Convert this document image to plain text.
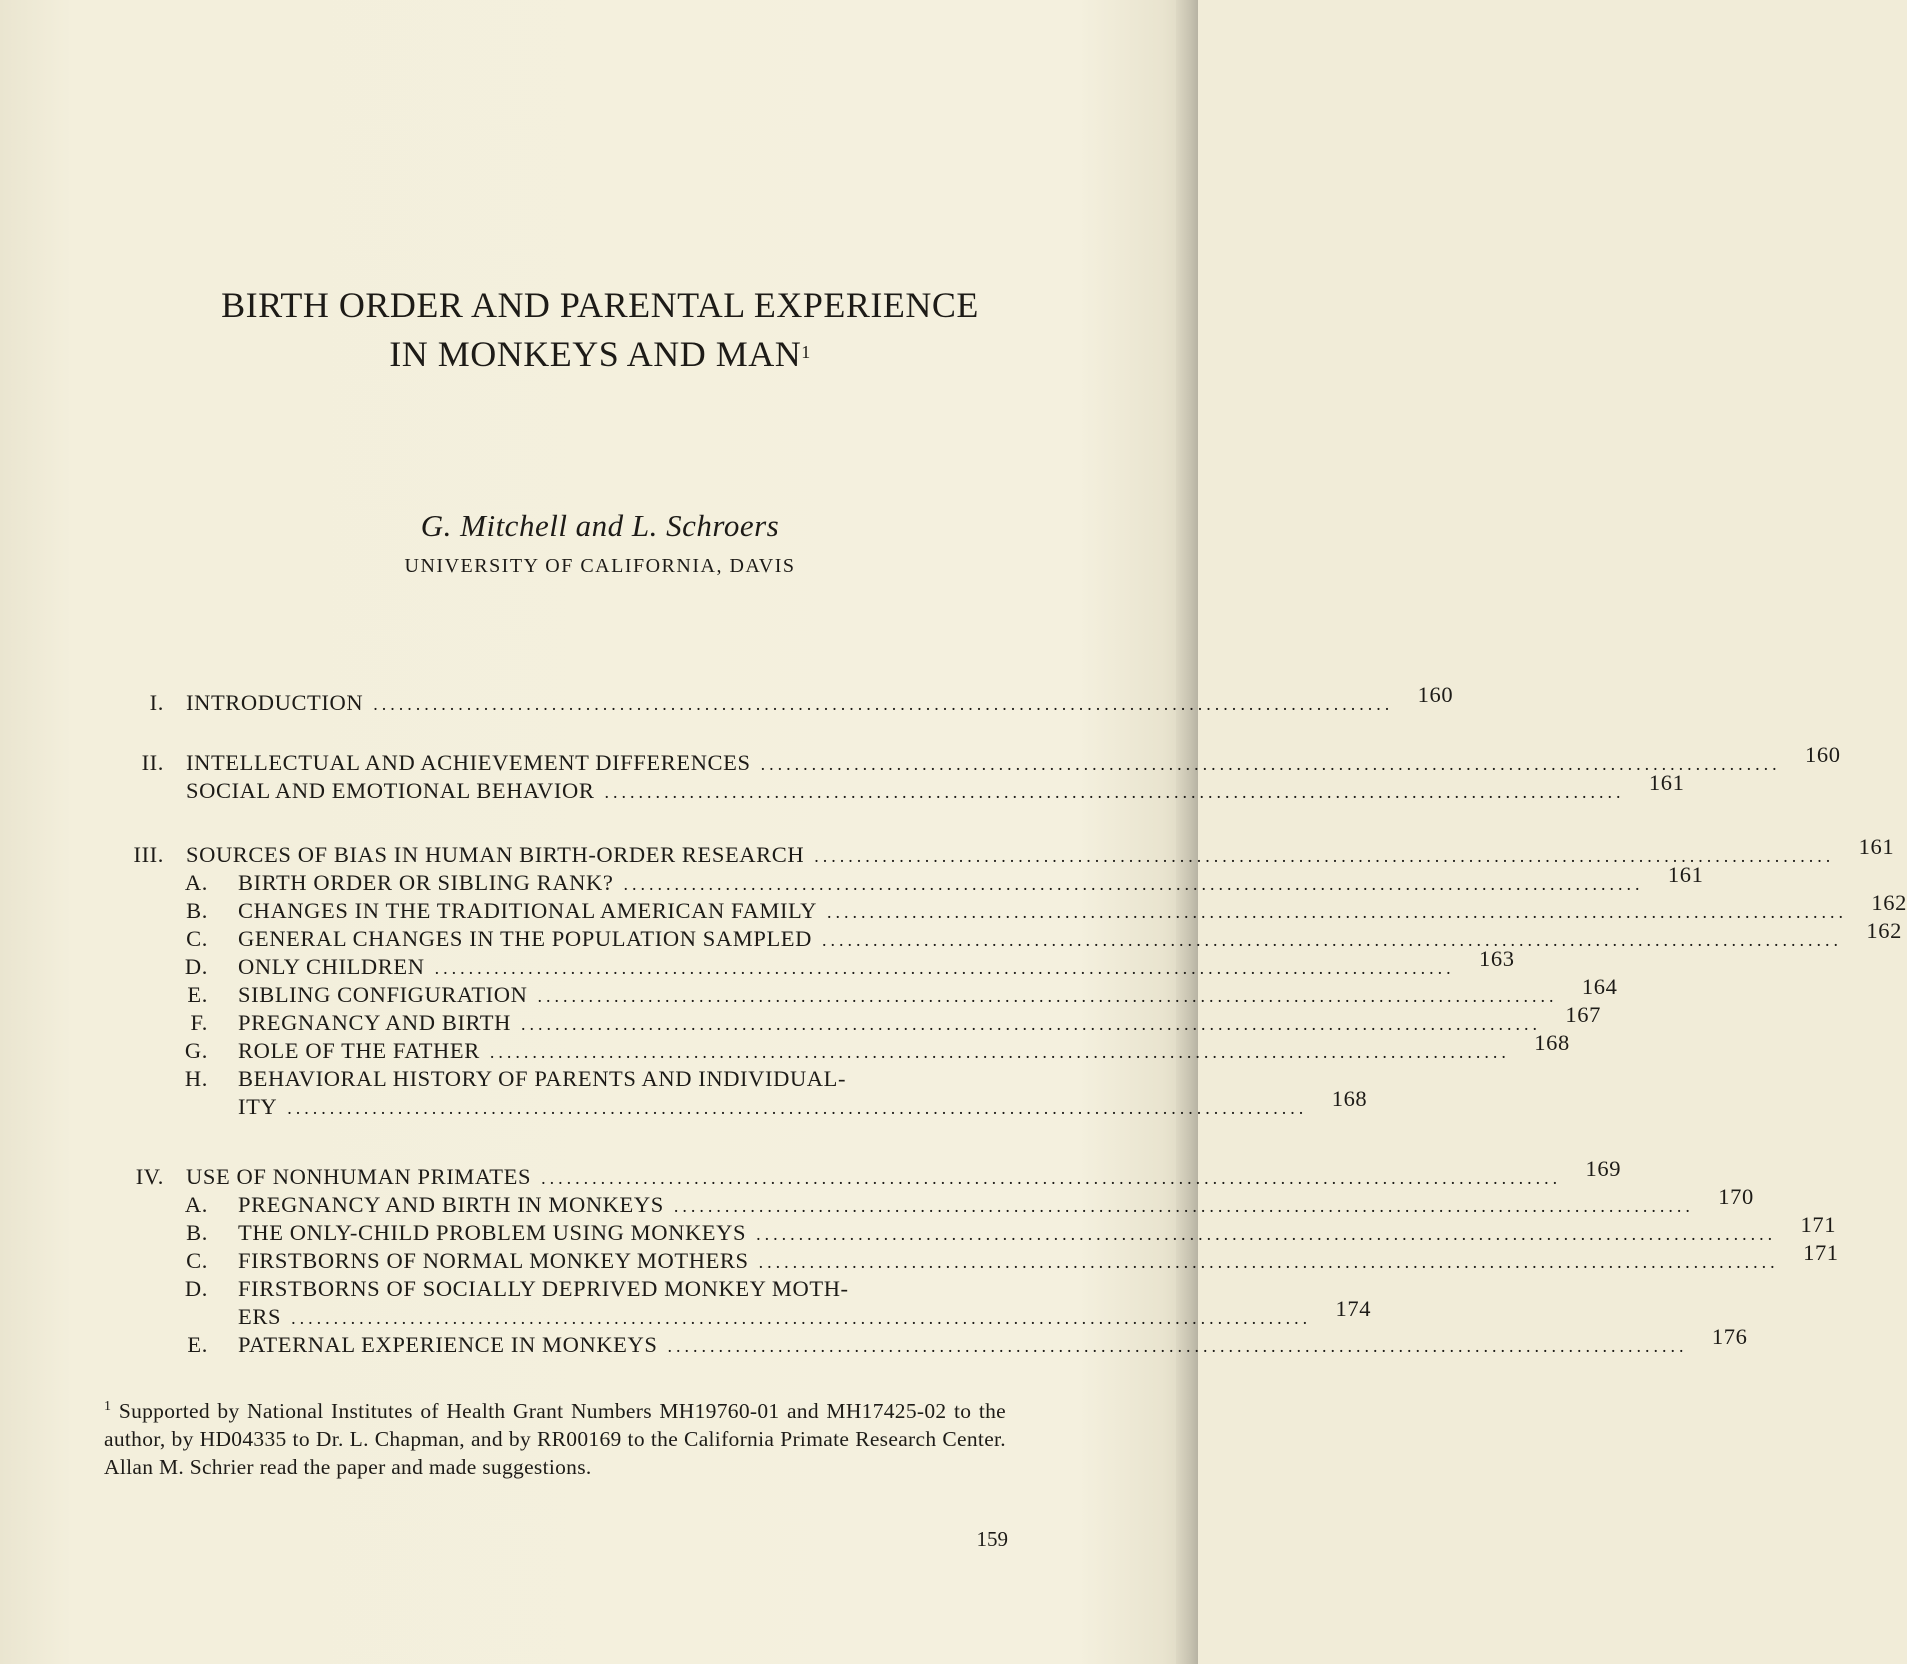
BIRTH ORDER AND PARENTAL EXPERIENCE
IN MONKEYS AND MAN$^1$
G. Mitchell and L. Schroers
UNIVERSITY OF CALIFORNIA, DAVIS
I. INTRODUCTION ........................................................................................................................	160
II. INTELLECTUAL AND ACHIEVEMENT DIFFERENCES ........................................................................................................................	160
SOCIAL AND EMOTIONAL BEHAVIOR ........................................................................................................................	161
III. SOURCES OF BIAS IN HUMAN BIRTH-ORDER RESEARCH ........................................................................................................................	161
A. BIRTH ORDER OR SIBLING RANK? ........................................................................................................................	161
B. CHANGES IN THE TRADITIONAL AMERICAN FAMILY ........................................................................................................................	162
C. GENERAL CHANGES IN THE POPULATION SAMPLED ........................................................................................................................	162
D. ONLY CHILDREN ........................................................................................................................	163
E. SIBLING CONFIGURATION ........................................................................................................................	164
F. PREGNANCY AND BIRTH ........................................................................................................................	167
G. ROLE OF THE FATHER ........................................................................................................................	168
H. BEHAVIORAL HISTORY OF PARENTS AND INDIVIDUAL-
ITY ........................................................................................................................	168
IV. USE OF NONHUMAN PRIMATES ........................................................................................................................	169
A. PREGNANCY AND BIRTH IN MONKEYS ........................................................................................................................	170
B. THE ONLY-CHILD PROBLEM USING MONKEYS ........................................................................................................................	171
C. FIRSTBORNS OF NORMAL MONKEY MOTHERS ........................................................................................................................	171
D. FIRSTBORNS OF SOCIALLY DEPRIVED MONKEY MOTH-
ERS ........................................................................................................................	174
E. PATERNAL EXPERIENCE IN MONKEYS ........................................................................................................................	176
$^1$ Supported by National Institutes of Health Grant Numbers MH19760-01 and MH17425-02 to the author, by HD04335 to Dr. L. Chapman, and by RR00169 to the California Primate Research Center. Allan M. Schrier read the paper and made suggestions.
159
